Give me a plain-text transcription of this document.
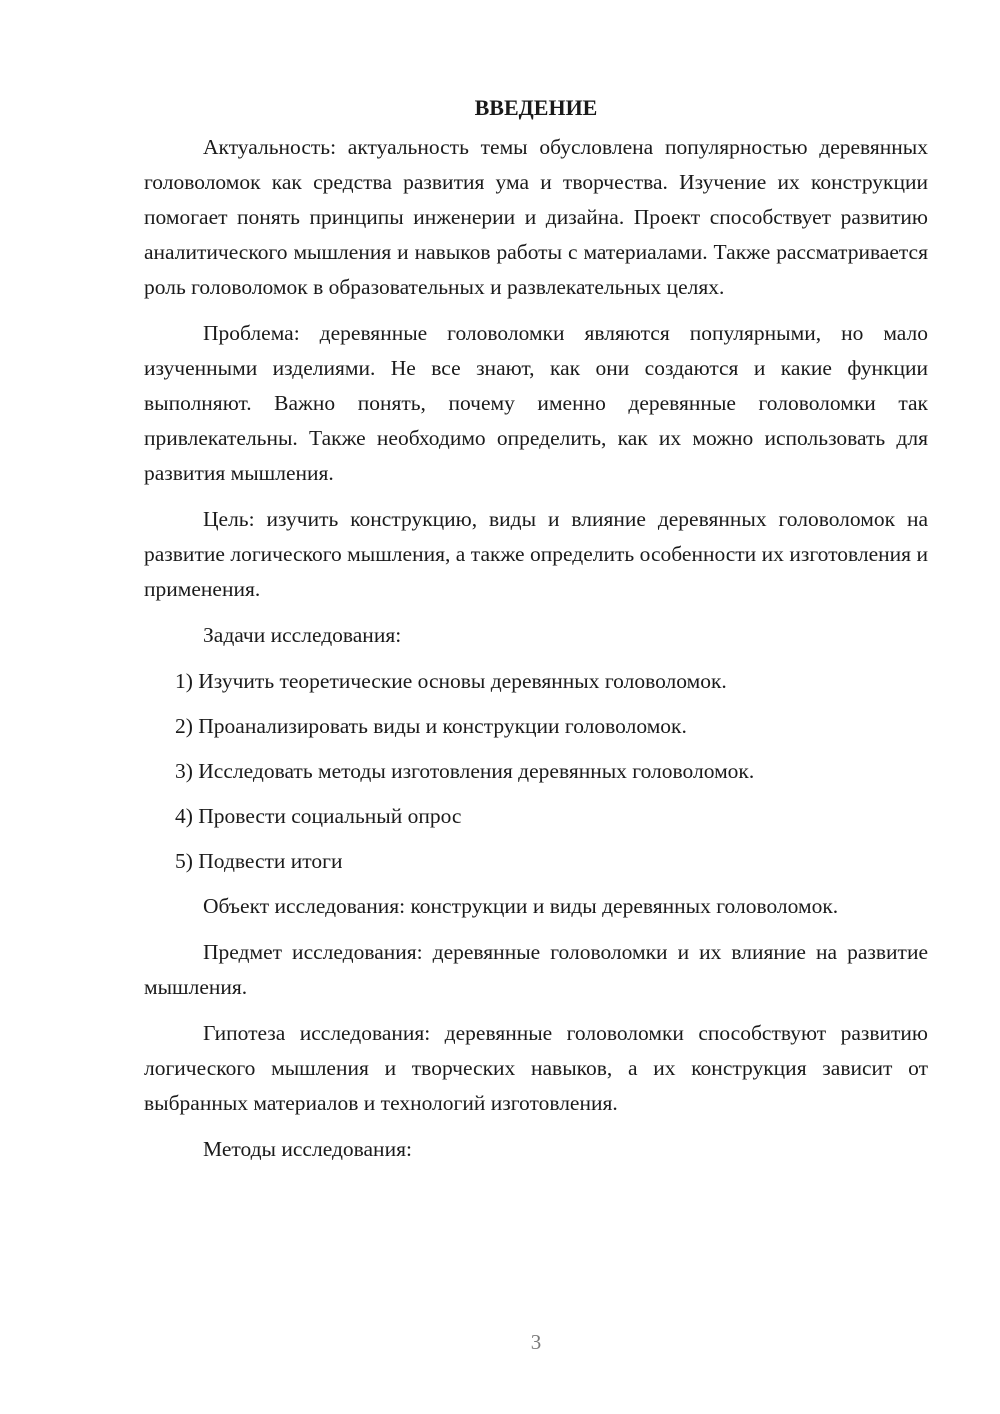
ВВЕДЕНИЕ

Актуальность: актуальность темы обусловлена популярностью деревянных головоломок как средства развития ума и творчества. Изучение их конструкции помогает понять принципы инженерии и дизайна. Проект способствует развитию аналитического мышления и навыков работы с материалами. Также рассматривается роль головоломок в образовательных и развлекательных целях.

Проблема: деревянные головоломки являются популярными, но мало изученными изделиями. Не все знают, как они создаются и какие функции выполняют. Важно понять, почему именно деревянные головоломки так привлекательны. Также необходимо определить, как их можно использовать для развития мышления.

Цель: изучить конструкцию, виды и влияние деревянных головоломок на развитие логического мышления, а также определить особенности их изготовления и применения.

Задачи исследования:
1) Изучить теоретические основы деревянных головоломок.
2) Проанализировать виды и конструкции головоломок.
3) Исследовать методы изготовления деревянных головоломок.
4) Провести социальный опрос
5) Подвести итоги

Объект исследования: конструкции и виды деревянных головоломок.

Предмет исследования: деревянные головоломки и их влияние на развитие мышления.

Гипотеза исследования: деревянные головоломки способствуют развитию логического мышления и творческих навыков, а их конструкция зависит от выбранных материалов и технологий изготовления.

Методы исследования:
3
